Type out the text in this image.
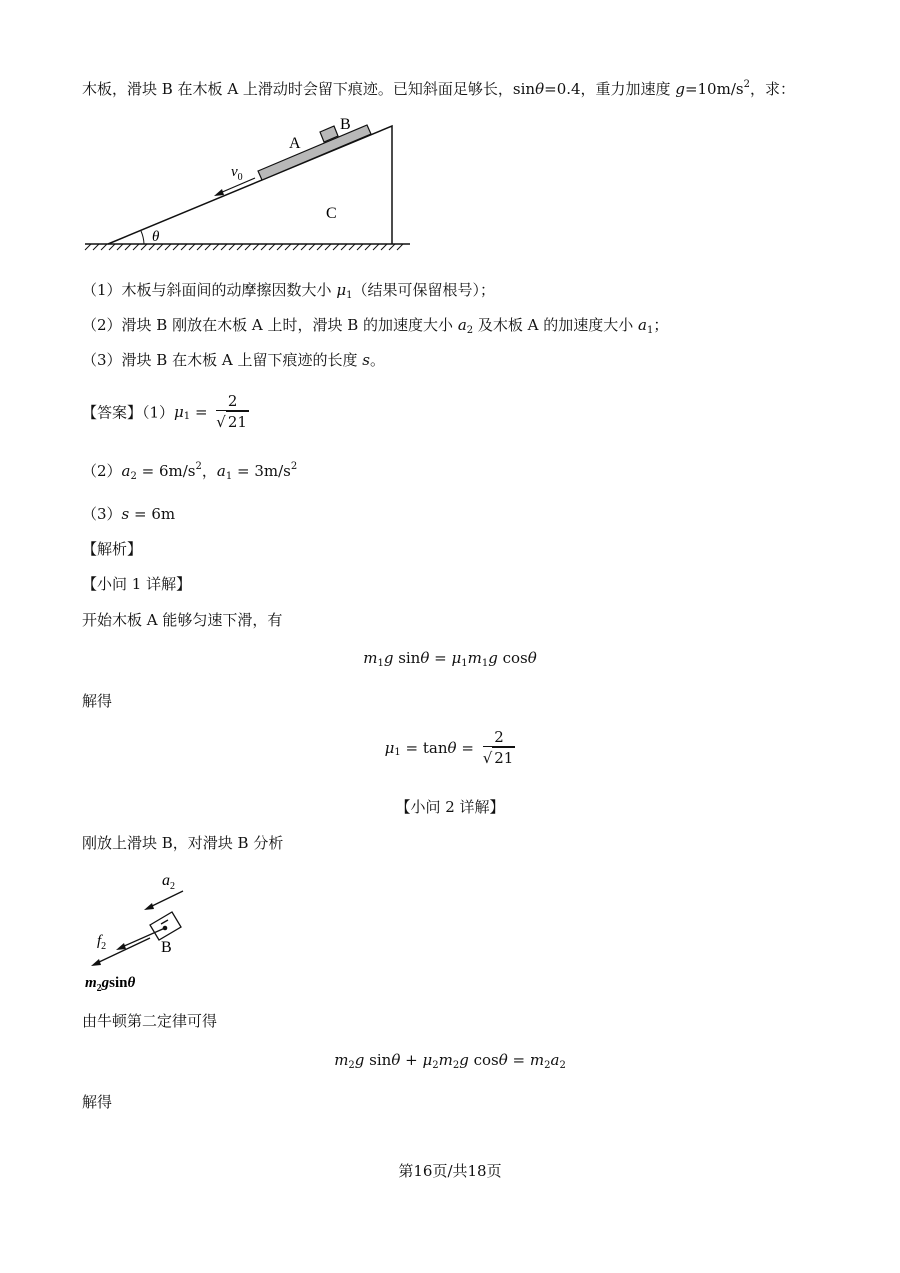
木板，滑块 B 在木板 A 上滑动时会留下痕迹。已知斜面足够长，sinθ=0.4，重力加速度 $g=10m/s^2$，求：
θ
B
A
$v_0$
C
（1）木板与斜面间的动摩擦因数大小 $\mu_1$（结果可保留根号）；
（2）滑块 B 刚放在木板 A 上时，滑块 B 的加速度大小 $a_2$ 及木板 A 的加速度大小 $a_1$；
（3）滑块 B 在木板 A 上留下痕迹的长度 s。
【答案】$(1)\mu_1 = \frac{2}{√ 21}$
$(2)a_2 = 6m/s^2$，$a_1 = 3m/s^2$
（3）s = 6m
【解析】
【小问 1 详解】
开始木板 A 能够匀速下滑，有
$m_1g$ $\sin\theta = \mu_1m_1g$ cosθ
解得
$\mu_1 = \tan\theta = \frac{2}{√ 21}$
【小问 2 详解】
刚放上滑块 B，对滑块 B 分析
$a_2$
$f_2$	B
$m_2gsin\theta$
由牛顿第二定律可得
$m_2g$ $\sin\theta + \mu_2m_2g$ $\cos\theta = m_2a_2$
解得
第16页/共18页
